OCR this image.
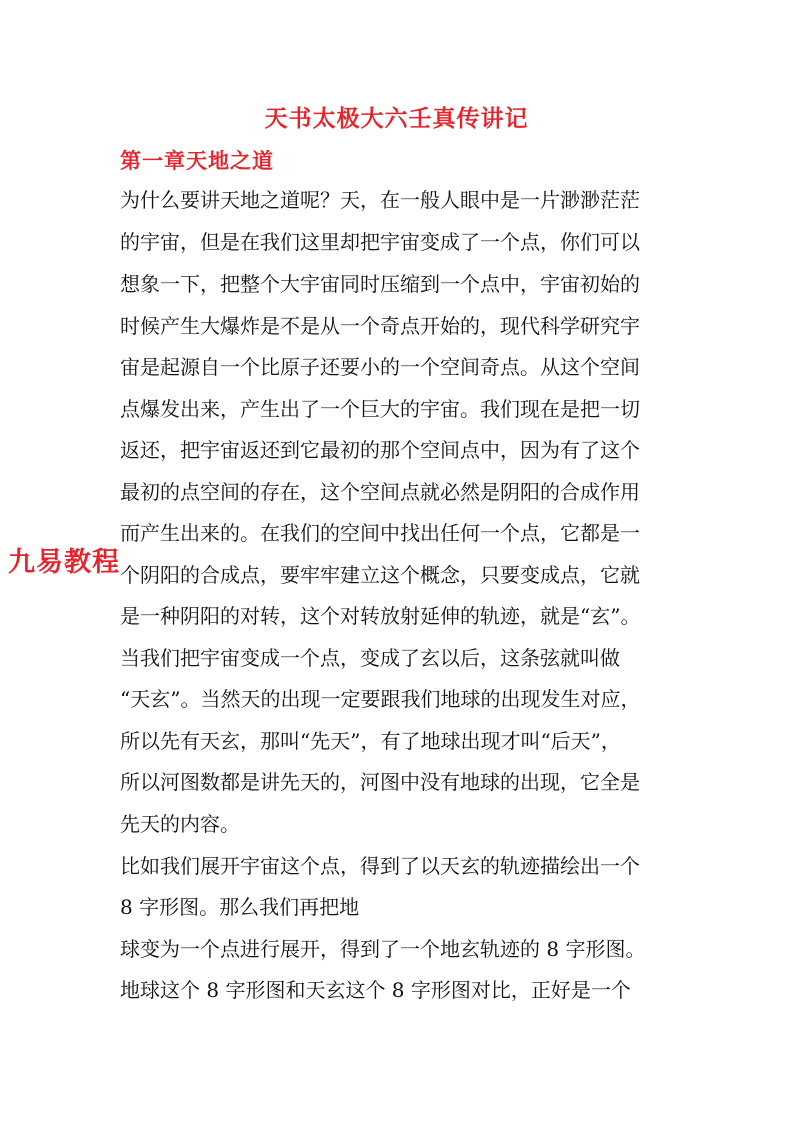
天书太极大六壬真传讲记
第一章天地之道
为什么要讲天地之道呢？天，在一般人眼中是一片渺渺茫茫
的宇宙，但是在我们这里却把宇宙变成了一个点，你们可以
想象一下，把整个大宇宙同时压缩到一个点中，宇宙初始的
时候产生大爆炸是不是从一个奇点开始的，现代科学研究宇
宙是起源自一个比原子还要小的一个空间奇点。从这个空间
点爆发出来，产生出了一个巨大的宇宙。我们现在是把一切
返还，把宇宙返还到它最初的那个空间点中，因为有了这个
最初的点空间的存在，这个空间点就必然是阴阳的合成作用
而产生出来的。在我们的空间中找出任何一个点，它都是一
个阴阳的合成点，要牢牢建立这个概念，只要变成点，它就
是一种阴阳的对转，这个对转放射延伸的轨迹，就是“玄”。
当我们把宇宙变成一个点，变成了玄以后，这条弦就叫做
“天玄”。当然天的出现一定要跟我们地球的出现发生对应，
所以先有天玄，那叫“先天”，有了地球出现才叫“后天”，
所以河图数都是讲先天的，河图中没有地球的出现，它全是
先天的内容。
比如我们展开宇宙这个点，得到了以天玄的轨迹描绘出一个
8 字形图。那么我们再把地
球变为一个点进行展开，得到了一个地玄轨迹的 8 字形图。
地球这个 8 字形图和天玄这个 8 字形图对比，正好是一个
九易教程
